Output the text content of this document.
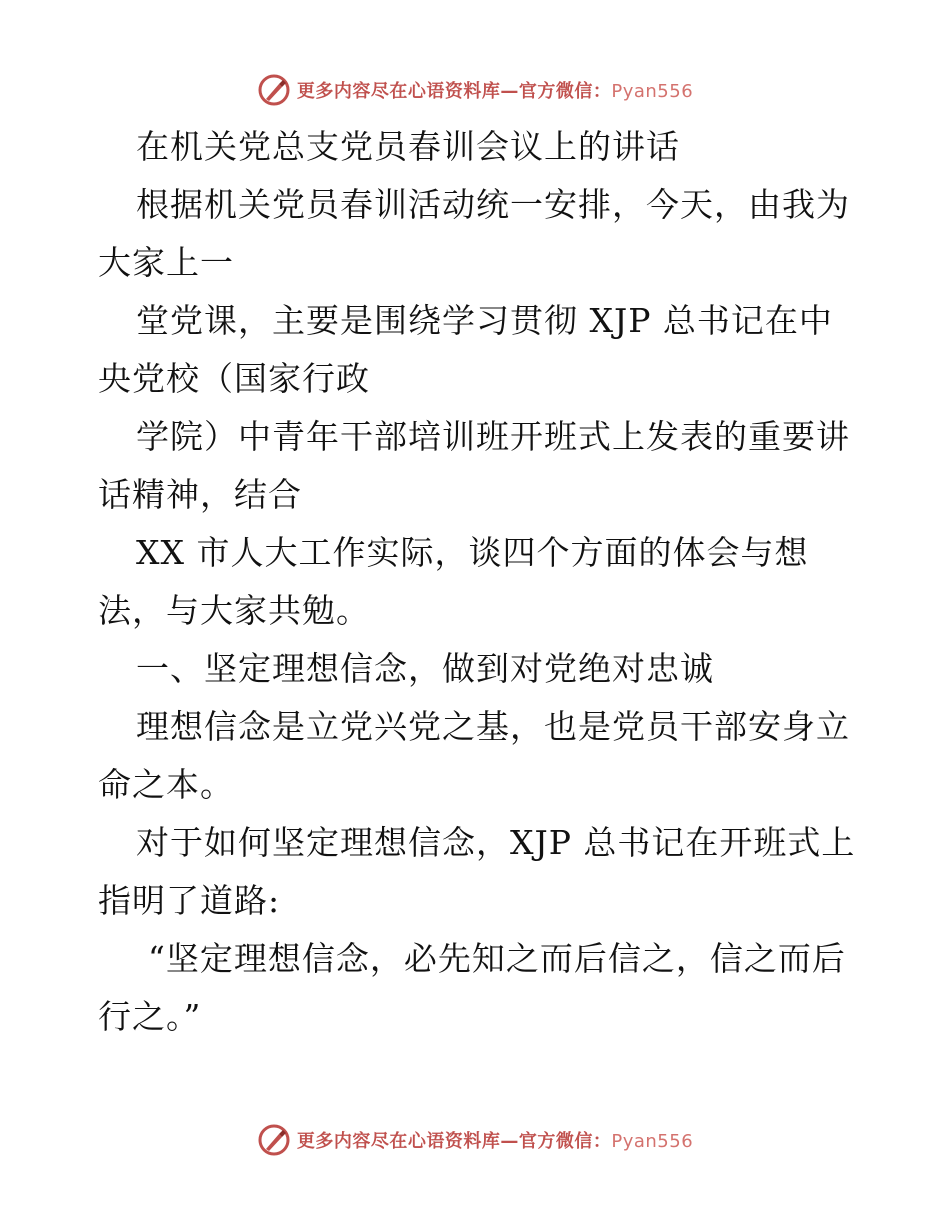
更多内容尽在心语资料库—官方微信：Pyan556
在机关党总支党员春训会议上的讲话
根据机关党员春训活动统一安排，今天，由我为
大家上一
堂党课，主要是围绕学习贯彻 XJP 总书记在中
央党校（国家行政
学院）中青年干部培训班开班式上发表的重要讲
话精神，结合
XX 市人大工作实际，谈四个方面的体会与想
法，与大家共勉。
一、坚定理想信念，做到对党绝对忠诚
理想信念是立党兴党之基，也是党员干部安身立
命之本。
对于如何坚定理想信念，XJP 总书记在开班式上
指明了道路:
“坚定理想信念，必先知之而后信之，信之而后
行之。”
更多内容尽在心语资料库—官方微信：Pyan556
